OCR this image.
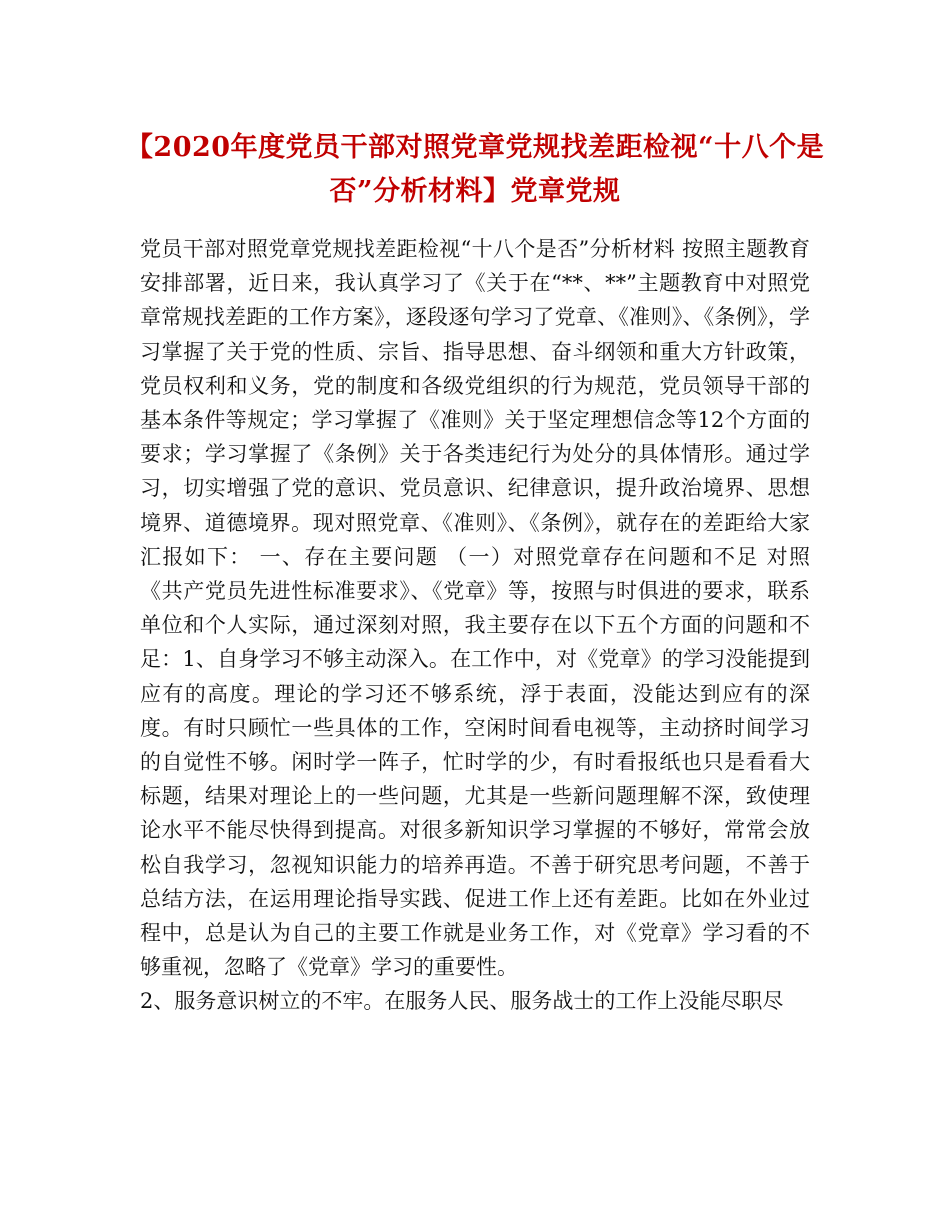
【2020年度党员干部对照党章党规找差距检视“十八个是否”分析材料】党章党规

党员干部对照党章党规找差距检视“十八个是否”分析材料 按照主题教育安排部署，近日来，我认真学习了《关于在“**、**”主题教育中对照党章常规找差距的工作方案》，逐段逐句学习了党章、《准则》、《条例》，学习掌握了关于党的性质、宗旨、指导思想、奋斗纲领和重大方针政策，党员权利和义务，党的制度和各级党组织的行为规范，党员领导干部的基本条件等规定；学习掌握了《准则》关于坚定理想信念等12个方面的要求；学习掌握了《条例》关于各类违纪行为处分的具体情形。通过学习，切实增强了党的意识、党员意识、纪律意识，提升政治境界、思想境界、道德境界。现对照党章、《准则》、《条例》，就存在的差距给大家汇报如下： 一、存在主要问题 （一）对照党章存在问题和不足 对照《共产党员先进性标准要求》、《党章》等，按照与时俱进的要求，联系单位和个人实际，通过深刻对照，我主要存在以下五个方面的问题和不足：1、自身学习不够主动深入。在工作中，对《党章》的学习没能提到应有的高度。理论的学习还不够系统，浮于表面，没能达到应有的深度。有时只顾忙一些具体的工作，空闲时间看电视等，主动挤时间学习的自觉性不够。闲时学一阵子，忙时学的少，有时看报纸也只是看看大标题，结果对理论上的一些问题，尤其是一些新问题理解不深，致使理论水平不能尽快得到提高。对很多新知识学习掌握的不够好，常常会放松自我学习，忽视知识能力的培养再造。不善于研究思考问题，不善于总结方法，在运用理论指导实践、促进工作上还有差距。比如在外业过程中，总是认为自己的主要工作就是业务工作，对《党章》学习看的不够重视，忽略了《党章》学习的重要性。

2、服务意识树立的不牢。在服务人民、服务战士的工作上没能尽职尽
